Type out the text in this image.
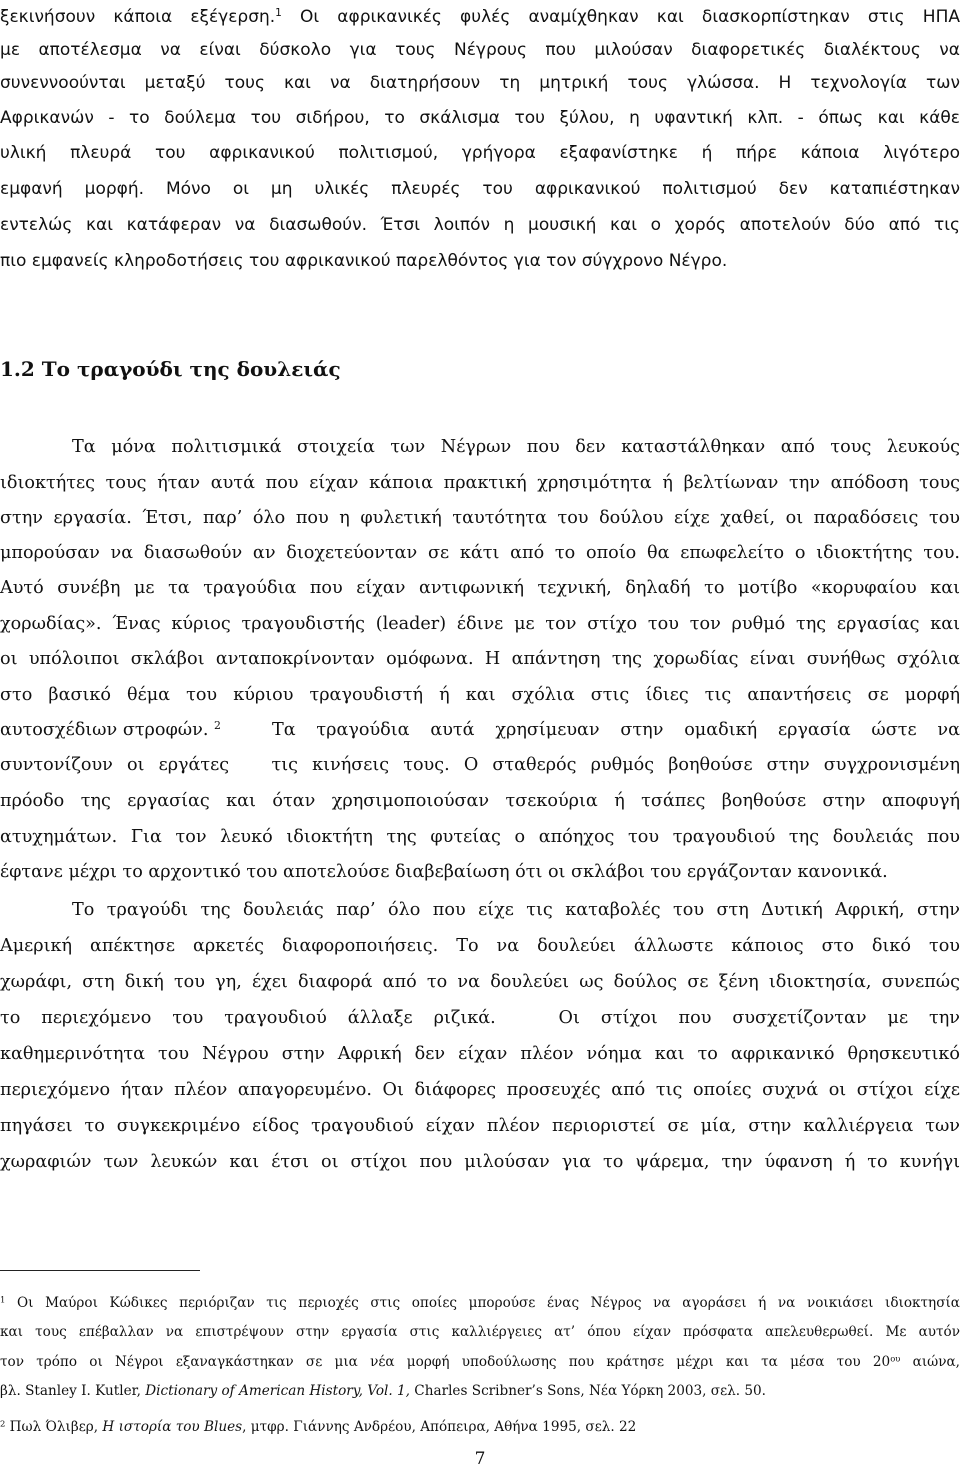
ξεκινήσουν κάποια εξέγερση.$^1$ Οι αφρικανικές φυλές αναμίχθηκαν και διασκορπίστηκαν στις ΗΠΑ
με αποτέλεσμα να είναι δύσκολο για τους Νέγρους που μιλούσαν διαφορετικές διαλέκτους να
συνεννοούνται μεταξύ τους και να διατηρήσουν τη μητρική τους γλώσσα. Η τεχνολογία των
Αφρικανών - το δούλεμα του σιδήρου, το σκάλισμα του ξύλου, η υφαντική κλπ. - όπως και κάθε
υλική πλευρά του αφρικανικού πολιτισμού, γρήγορα εξαφανίστηκε ή πήρε κάποια λιγότερο
εμφανή μορφή. Μόνο οι μη υλικές πλευρές του αφρικανικού πολιτισμού δεν καταπιέστηκαν
εντελώς και κατάφεραν να διασωθούν. Έτσι λοιπόν η μουσική και ο χορός αποτελούν δύο από τις
πιο εμφανείς κληροδοτήσεις του αφρικανικού παρελθόντος για τον σύγχρονο Νέγρο.
1.2 Το τραγούδι της δουλειάς
Τα μόνα πολιτισμικά στοιχεία των Νέγρων που δεν καταστάλθηκαν από τους λευκούς
ιδιοκτήτες τους ήταν αυτά που είχαν κάποια πρακτική χρησιμότητα ή βελτίωναν την απόδοση τους
στην εργασία. Έτσι, παρ’ όλο που η φυλετική ταυτότητα του δούλου είχε χαθεί, οι παραδόσεις του
μπορούσαν να διασωθούν αν διοχετεύονταν σε κάτι από το οποίο θα επωφελείτο ο ιδιοκτήτης του.
Αυτό συνέβη με τα τραγούδια που είχαν αντιφωνική τεχνική, δηλαδή το μοτίβο «κορυφαίου και
χορωδίας». Ένας κύριος τραγουδιστής (leader) έδινε με τον στίχο του τον ρυθμό της εργασίας και
οι υπόλοιποι σκλάβοι ανταποκρίνονταν ομόφωνα. Η απάντηση της χορωδίας είναι συνήθως σχόλια
στο βασικό θέμα του κύριου τραγουδιστή ή και σχόλια στις ίδιες τις απαντήσεις σε μορφή
αυτοσχέδιων στροφών. $^2$	Τα τραγούδια αυτά χρησίμευαν στην ομαδική εργασία ώστε να
συντονίζουν οι εργάτες   τις κινήσεις τους. Ο σταθερός ρυθμός βοηθούσε στην συγχρονισμένη
πρόοδο της εργασίας και όταν χρησιμοποιούσαν τσεκούρια ή τσάπες βοηθούσε στην αποφυγή
ατυχημάτων. Για τον λευκό ιδιοκτήτη της φυτείας ο απόηχος του τραγουδιού της δουλειάς που
έφτανε μέχρι το αρχοντικό του αποτελούσε διαβεβαίωση ότι οι σκλάβοι του εργάζονταν κανονικά.
Το τραγούδι της δουλειάς παρ’ όλο που είχε τις καταβολές του στη Δυτική Αφρική, στην
Αμερική απέκτησε αρκετές διαφοροποιήσεις. Το να δουλεύει άλλωστε κάποιος στο δικό του
χωράφι, στη δική του γη, έχει διαφορά από το να δουλεύει ως δούλος σε ξένη ιδιοκτησία, συνεπώς
το περιεχόμενο του τραγουδιού άλλαξε ριζικά.   Οι στίχοι που συσχετίζονταν με την
καθημερινότητα του Νέγρου στην Αφρική δεν είχαν πλέον νόημα και το αφρικανικό θρησκευτικό
περιεχόμενο ήταν πλέον απαγορευμένο. Οι διάφορες προσευχές από τις οποίες συχνά οι στίχοι είχε
πηγάσει το συγκεκριμένο είδος τραγουδιού είχαν πλέον περιοριστεί σε μία, στην καλλιέργεια των
χωραφιών των λευκών και έτσι οι στίχοι που μιλούσαν για το ψάρεμα, την ύφανση ή το κυνήγι
$^1$ Οι Μαύροι Κώδικες περιόριζαν τις περιοχές στις οποίες μπορούσε ένας Νέγρος να αγοράσει ή να νοικιάσει ιδιοκτησία
και τους επέβαλλαν να επιστρέψουν στην εργασία στις καλλιέργειες ατ’ όπου είχαν πρόσφατα απελευθερωθεί. Με αυτόν
τον τρόπο οι Νέγροι εξαναγκάστηκαν σε μια νέα μορφή υποδούλωσης που κράτησε μέχρι και τα μέσα του $20^{o\upsilon}$ αιώνα,
βλ. Stanley I. Kutler, Dictionary of American History, Vol. 1, Charles Scribner’s Sons, Νέα Υόρκη 2003, σελ. 50.
$^2$ Πωλ Όλιβερ, Η ιστορία του Blues, μτφρ. Γιάννης Ανδρέου, Απόπειρα, Αθήνα 1995, σελ. 22
7
